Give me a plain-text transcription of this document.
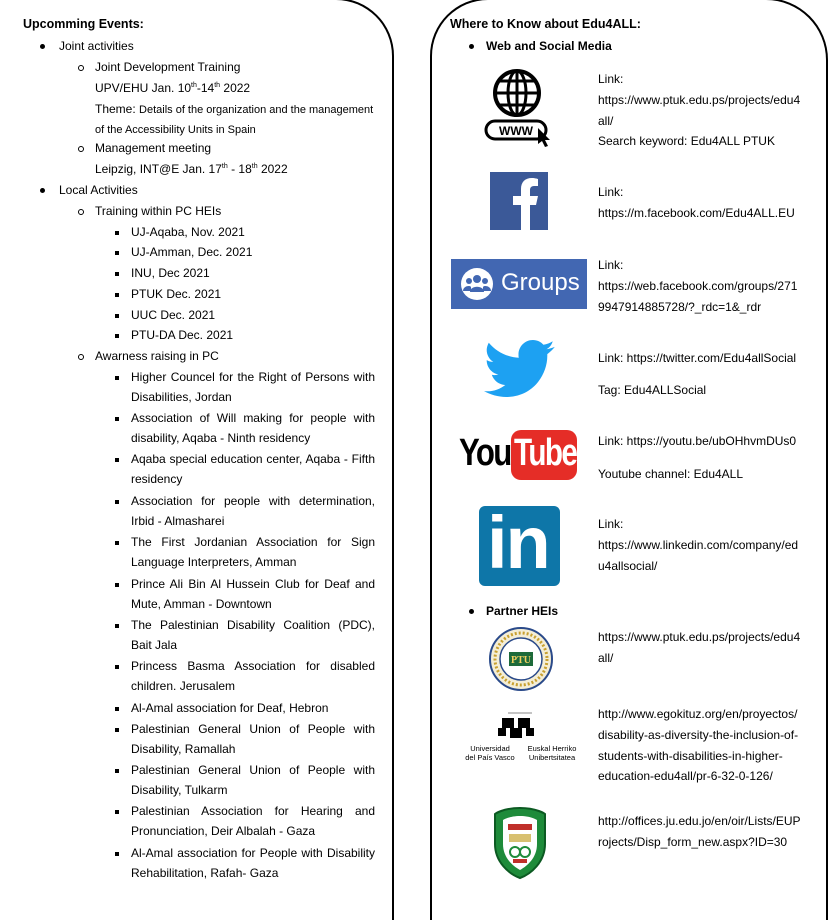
Upcomming Events:
Joint activities
Joint Development Training
UPV/EHU Jan. 10th-14th 2022
Theme: Details of the organization and the management
of the Accessibility Units in Spain
Management meeting
Leipzig, INT@E Jan. 17th - 18th 2022
Local Activities
Training within PC HEIs
UJ-Aqaba, Nov. 2021
UJ-Amman, Dec. 2021
INU, Dec 2021
PTUK Dec. 2021
UUC Dec. 2021
PTU-DA Dec. 2021
Awarness raising in PC
Higher Councel for the Right of Persons with
Disabilities, Jordan
Association of Will making for people with
disability, Aqaba - Ninth residency
Aqaba special education center, Aqaba - Fifth
residency
Association for people with determination,
Irbid - Almasharei
The First Jordanian Association for Sign
Language Interpreters, Amman
Prince Ali Bin Al Hussein Club for Deaf and
Mute, Amman - Downtown
The Palestinian Disability Coalition (PDC),
Bait Jala
Princess Basma Association for disabled
children. Jerusalem
Al-Amal association for Deaf, Hebron
Palestinian General Union of People with
Disability, Ramallah
Palestinian General Union of People with
Disability, Tulkarm
Palestinian Association for Hearing and
Pronunciation, Deir Albalah - Gaza
Al-Amal association for People with Disability
Rehabilitation, Rafah- Gaza
Where to Know about Edu4ALL:
Web and Social Media
WWW
Link:
https://www.ptuk.edu.ps/projects/edu4
all/
Search keyword: Edu4ALL PTUK
Link:
https://m.facebook.com/Edu4ALL.EU
Groups
Link:
https://web.facebook.com/groups/271
9947914885728/?_rdc=1&_rdr
Link: https://twitter.com/Edu4allSocial
Tag: Edu4ALLSocial
You Tube Link: https://youtu.be/ubOHhvmDUs0
Youtube channel: Edu4ALL
in	Link:
https://www.linkedin.com/company/ed
u4allsocial/
Partner HEIs
PTU
https://www.ptuk.edu.ps/projects/edu4
all/
Universidad
del País Vasco
Euskal Herriko
Unibertsitatea
http://www.egokituz.org/en/proyectos/
disability-as-diversity-the-inclusion-of-
students-with-disabilities-in-higher-
education-edu4all/pr-6-32-0-126/
http://offices.ju.edu.jo/en/oir/Lists/EUP
rojects/Disp_form_new.aspx?ID=30
